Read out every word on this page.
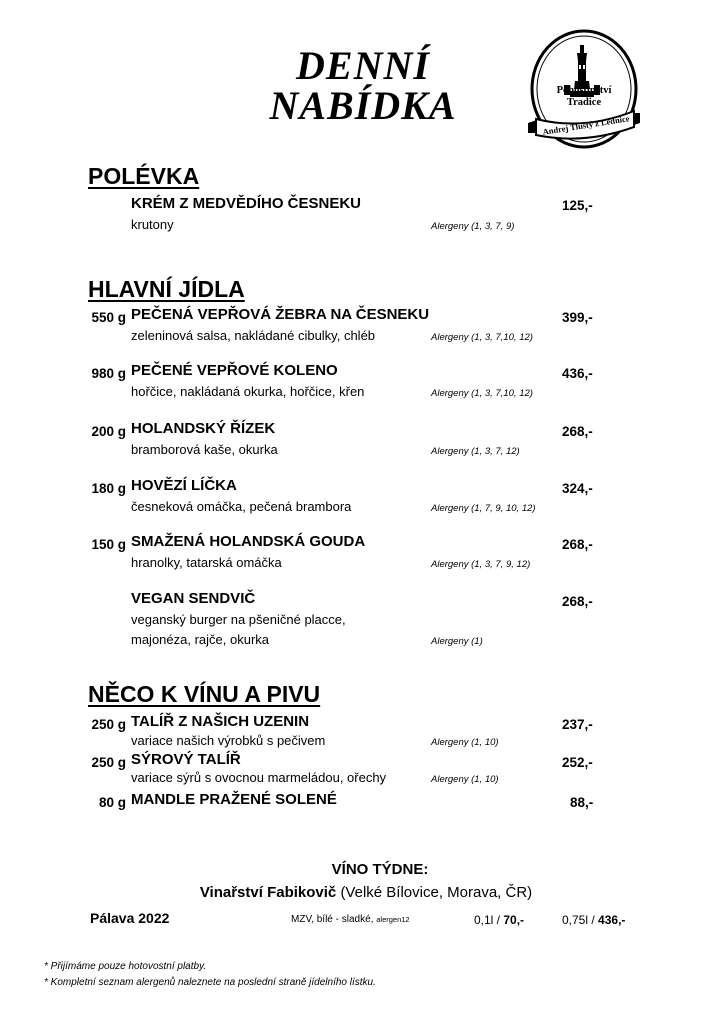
DENNÍ
NABÍDKA	Pohostinství
Tradice
Andrej Tlustý z Lednice
POLÉVKA
KRÉM Z MEDVĚDÍHO ČESNEKU	125,-
krutony	Alergeny (1, 3, 7, 9)
HLAVNÍ JÍDLA
550 g PEČENÁ VEPŘOVÁ ŽEBRA NA ČESNEKU	399,-
zeleninová salsa, nakládané cibulky, chléb	Alergeny (1, 3, 7,10, 12)
980 g PEČENÉ VEPŘOVÉ KOLENO	436,-
hořčice, nakládaná okurka, hořčice, křen	Alergeny (1, 3, 7,10, 12)
200 g HOLANDSKÝ ŘÍZEK	268,-
bramborová kaše, okurka	Alergeny (1, 3, 7, 12)
180 g HOVĚZÍ LÍČKA	324,-
česneková omáčka, pečená brambora	Alergeny (1, 7, 9, 10, 12)
150 g SMAŽENÁ HOLANDSKÁ GOUDA	268,-
hranolky, tatarská omáčka	Alergeny (1, 3, 7, 9, 12)
VEGAN SENDVIČ	268,-
veganský burger na pšeničné placce,
majonéza, rajče, okurka	Alergeny (1)
NĚCO K VÍNU A PIVU
250 g TALÍŘ Z NAŠICH UZENIN	237,-
variace našich výrobků s pečivem	Alergeny (1, 10)
250 g SÝROVÝ TALÍŘ	252,-
variace sýrů s ovocnou marmeládou, ořechy	Alergeny (1, 10)
80 g MANDLE PRAŽENÉ SOLENÉ	88,-
VÍNO TÝDNE:
Vinařství Fabikovič (Velké Bílovice, Morava, ČR)
Pálava 2022	MZV, bílé - sladké, alergen12	0,1l / 70,-	0,75l / 436,-
* Přijímáme pouze hotovostní platby.
* Kompletní seznam alergenů naleznete na poslední straně jídelního lístku.
